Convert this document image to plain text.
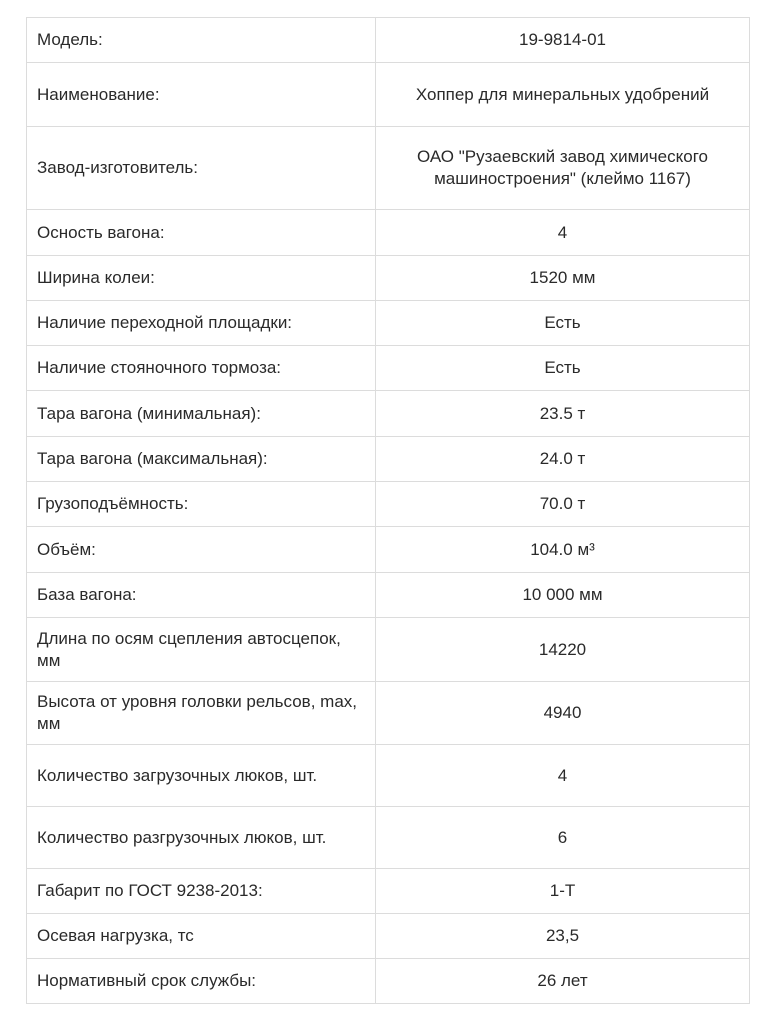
Модель:	19-9814-01
Наименование:	Хоппер для минеральных удобрений
Завод-изготовитель:	ОАО "Рузаевский завод химического машиностроения" (клеймо 1167)
Осность вагона:	4
Ширина колеи:	1520 мм
Наличие переходной площадки:	Есть
Наличие стояночного тормоза:	Есть
Тара вагона (минимальная):	23.5 т
Тара вагона (максимальная):	24.0 т
Грузоподъёмность:	70.0 т
Объём:	104.0 м³
База вагона:	10 000 мм
Длина по осям сцепления автосцепок, мм	14220
Высота от уровня головки рельсов, max, мм	4940
Количество загрузочных люков, шт.	4
Количество разгрузочных люков, шт.	6
Габарит по ГОСТ 9238-2013:	1-Т
Осевая нагрузка, тс	23,5
Нормативный срок службы:	26 лет
